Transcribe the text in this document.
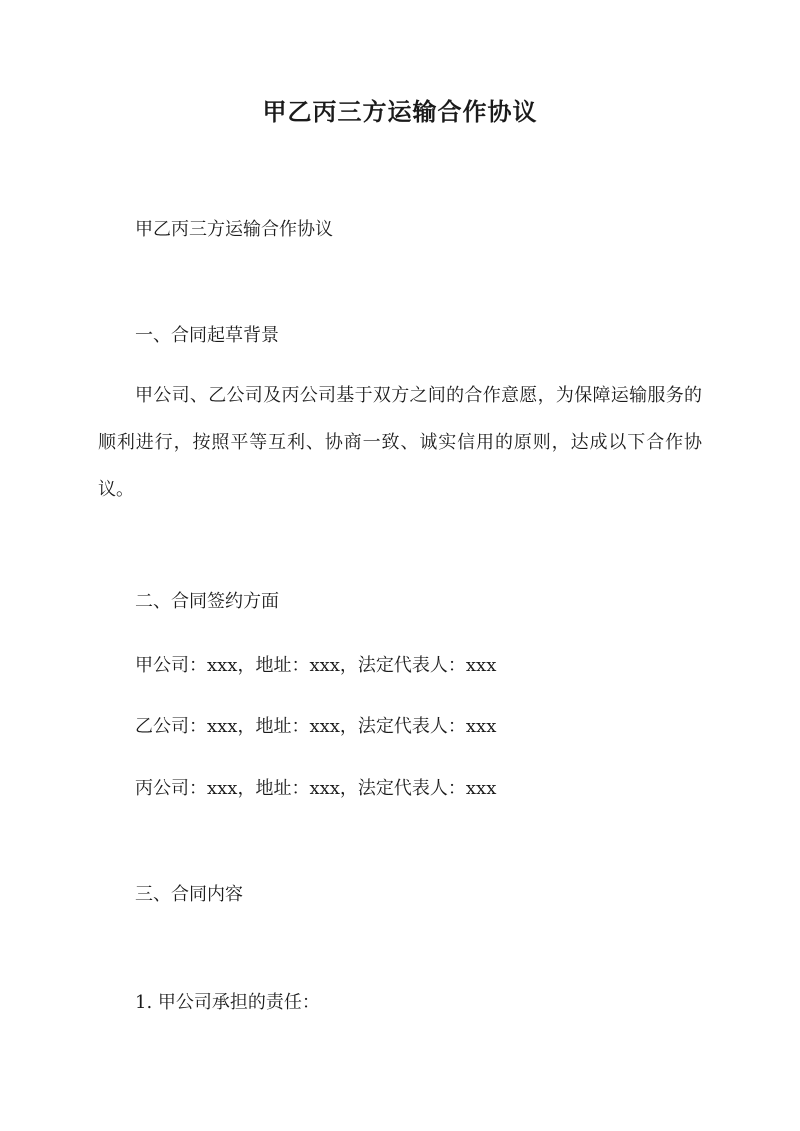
甲乙丙三方运输合作协议
甲乙丙三方运输合作协议
一、合同起草背景
甲公司、乙公司及丙公司基于双方之间的合作意愿，为保障运输服务的顺利进行，按照平等互利、协商一致、诚实信用的原则，达成以下合作协议。
二、合同签约方面
甲公司：xxx，地址：xxx，法定代表人：xxx
乙公司：xxx，地址：xxx，法定代表人：xxx
丙公司：xxx，地址：xxx，法定代表人：xxx
三、合同内容
1. 甲公司承担的责任：
